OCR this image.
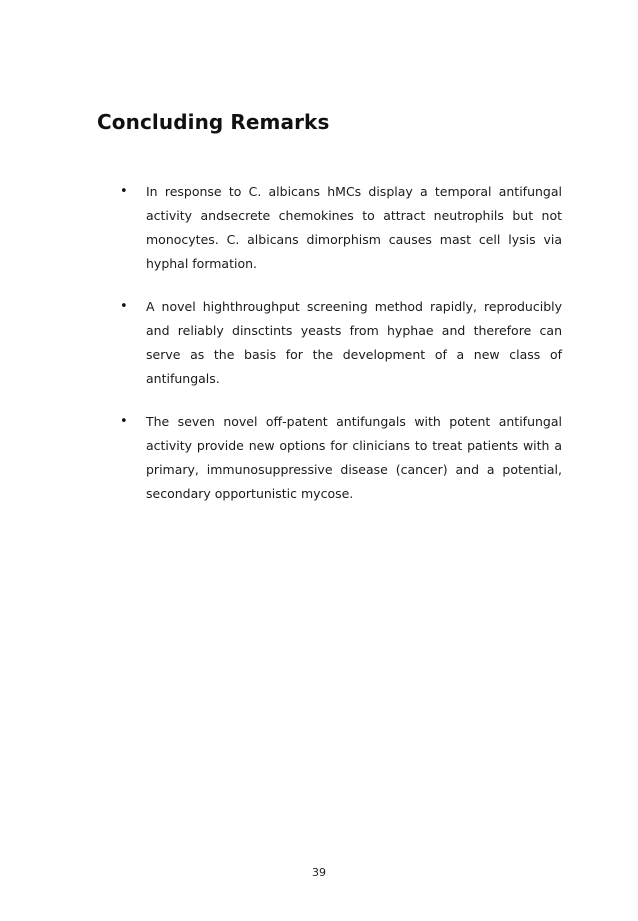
Concluding Remarks
• In response to C. albicans hMCs display a temporal antifungal activity andsecrete chemokines to attract neutrophils but not monocytes. C. albicans dimorphism causes mast cell lysis via hyphal formation.
• A novel highthroughput screening method rapidly, reproducibly and reliably dinsctints yeasts from hyphae and therefore can serve as the basis for the development of a new class of antifungals.
• The seven novel off-patent antifungals with potent antifungal activity provide new options for clinicians to treat patients with a primary, immunosuppressive disease (cancer) and a potential, secondary opportunistic mycose.
39
